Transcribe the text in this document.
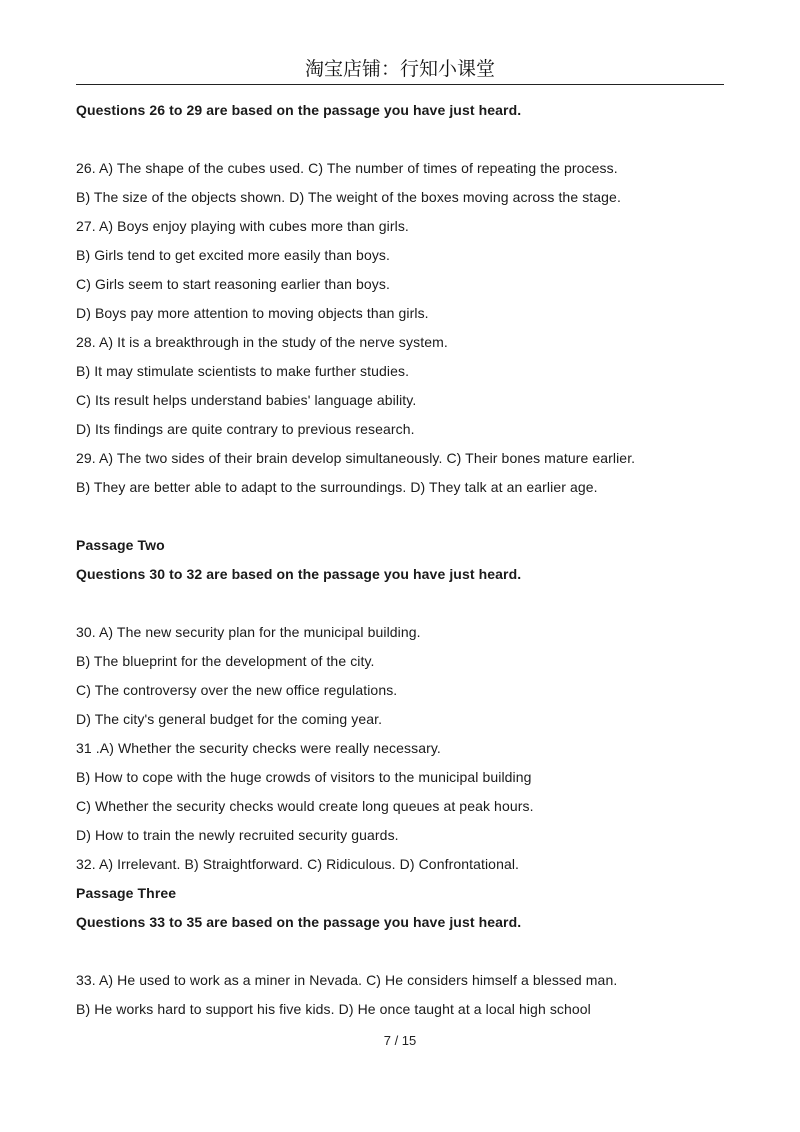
淘宝店铺：行知小课堂
Questions 26 to 29 are based on the passage you have just heard.
26. A) The shape of the cubes used. C) The number of times of repeating the process.
B) The size of the objects shown. D) The weight of the boxes moving across the stage.
27. A) Boys enjoy playing with cubes more than girls.
B) Girls tend to get excited more easily than boys.
C) Girls seem to start reasoning earlier than boys.
D) Boys pay more attention to moving objects than girls.
28. A) It is a breakthrough in the study of the nerve system.
B) It may stimulate scientists to make further studies.
C) Its result helps understand babies' language ability.
D) Its findings are quite contrary to previous research.
29. A) The two sides of their brain develop simultaneously. C) Their bones mature earlier.
B) They are better able to adapt to the surroundings. D) They talk at an earlier age.
Passage Two
Questions 30 to 32 are based on the passage you have just heard.
30. A) The new security plan for the municipal building.
B) The blueprint for the development of the city.
C) The controversy over the new office regulations.
D) The city's general budget for the coming year.
31 .A) Whether the security checks were really necessary.
B) How to cope with the huge crowds of visitors to the municipal building
C) Whether the security checks would create long queues at peak hours.
D) How to train the newly recruited security guards.
32. A) Irrelevant. B) Straightforward. C) Ridiculous. D) Confrontational.
Passage Three
Questions 33 to 35 are based on the passage you have just heard.
33. A) He used to work as a miner in Nevada. C) He considers himself a blessed man.
B) He works hard to support his five kids. D) He once taught at a local high school
7 / 15
